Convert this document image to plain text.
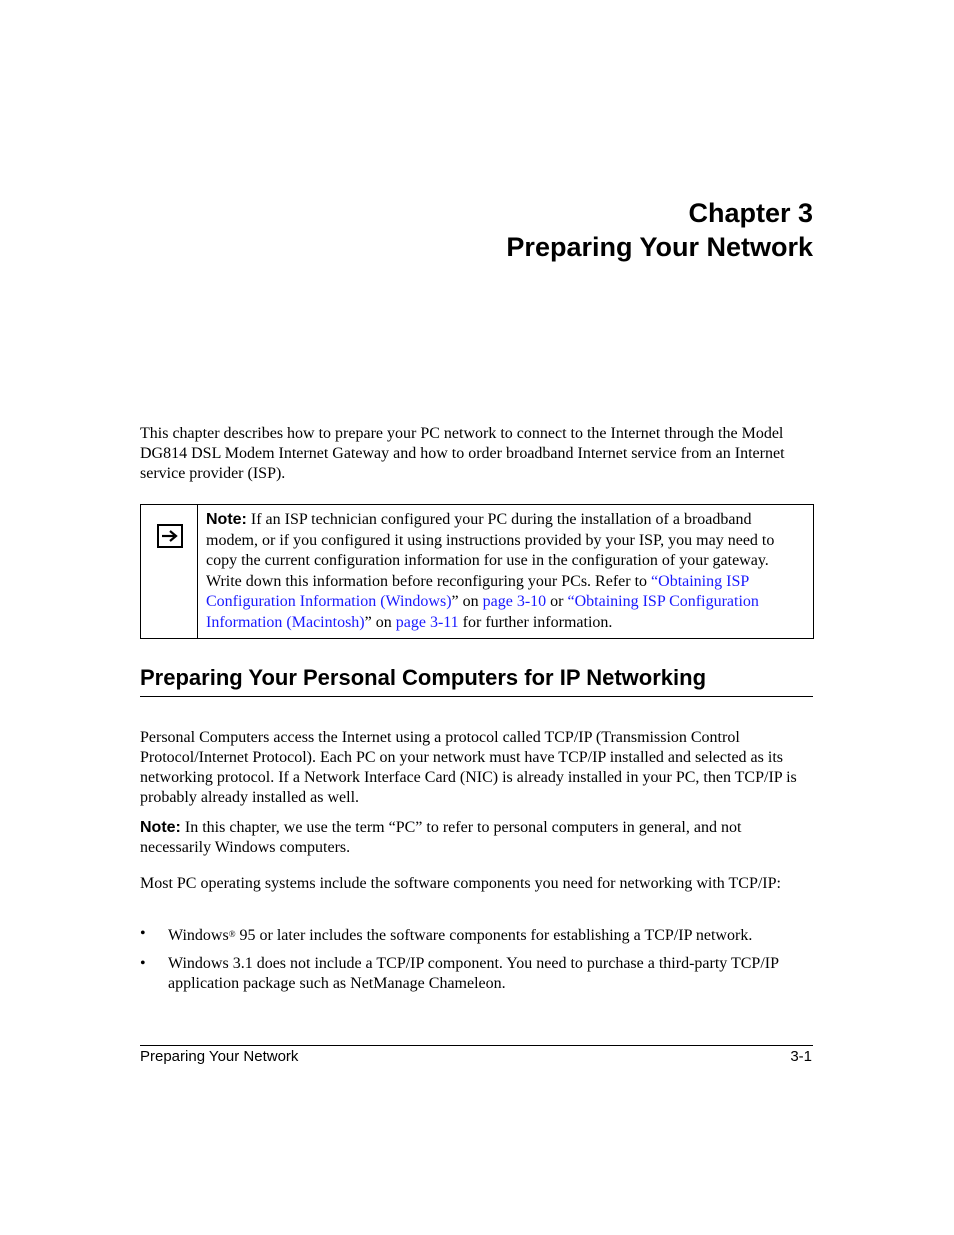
Chapter 3
Preparing Your Network
This chapter describes how to prepare your PC network to connect to the Internet through the Model DG814 DSL Modem Internet Gateway and how to order broadband Internet service from an Internet service provider (ISP).
Note: If an ISP technician configured your PC during the installation of a broadband modem, or if you configured it using instructions provided by your ISP, you may need to copy the current configuration information for use in the configuration of your gateway. Write down this information before reconfiguring your PCs. Refer to “Obtaining ISP Configuration Information (Windows)” on page 3-10 or “Obtaining ISP Configuration Information (Macintosh)” on page 3-11 for further information.
Preparing Your Personal Computers for IP Networking
Personal Computers access the Internet using a protocol called TCP/IP (Transmission Control Protocol/Internet Protocol). Each PC on your network must have TCP/IP installed and selected as its networking protocol. If a Network Interface Card (NIC) is already installed in your PC, then TCP/IP is probably already installed as well.
Note: In this chapter, we use the term “PC” to refer to personal computers in general, and not necessarily Windows computers.
Most PC operating systems include the software components you need for networking with TCP/IP:
• Windows® 95 or later includes the software components for establishing a TCP/IP network.
• Windows 3.1 does not include a TCP/IP component. You need to purchase a third-party TCP/IP application package such as NetManage Chameleon.
Preparing Your Network	3-1
